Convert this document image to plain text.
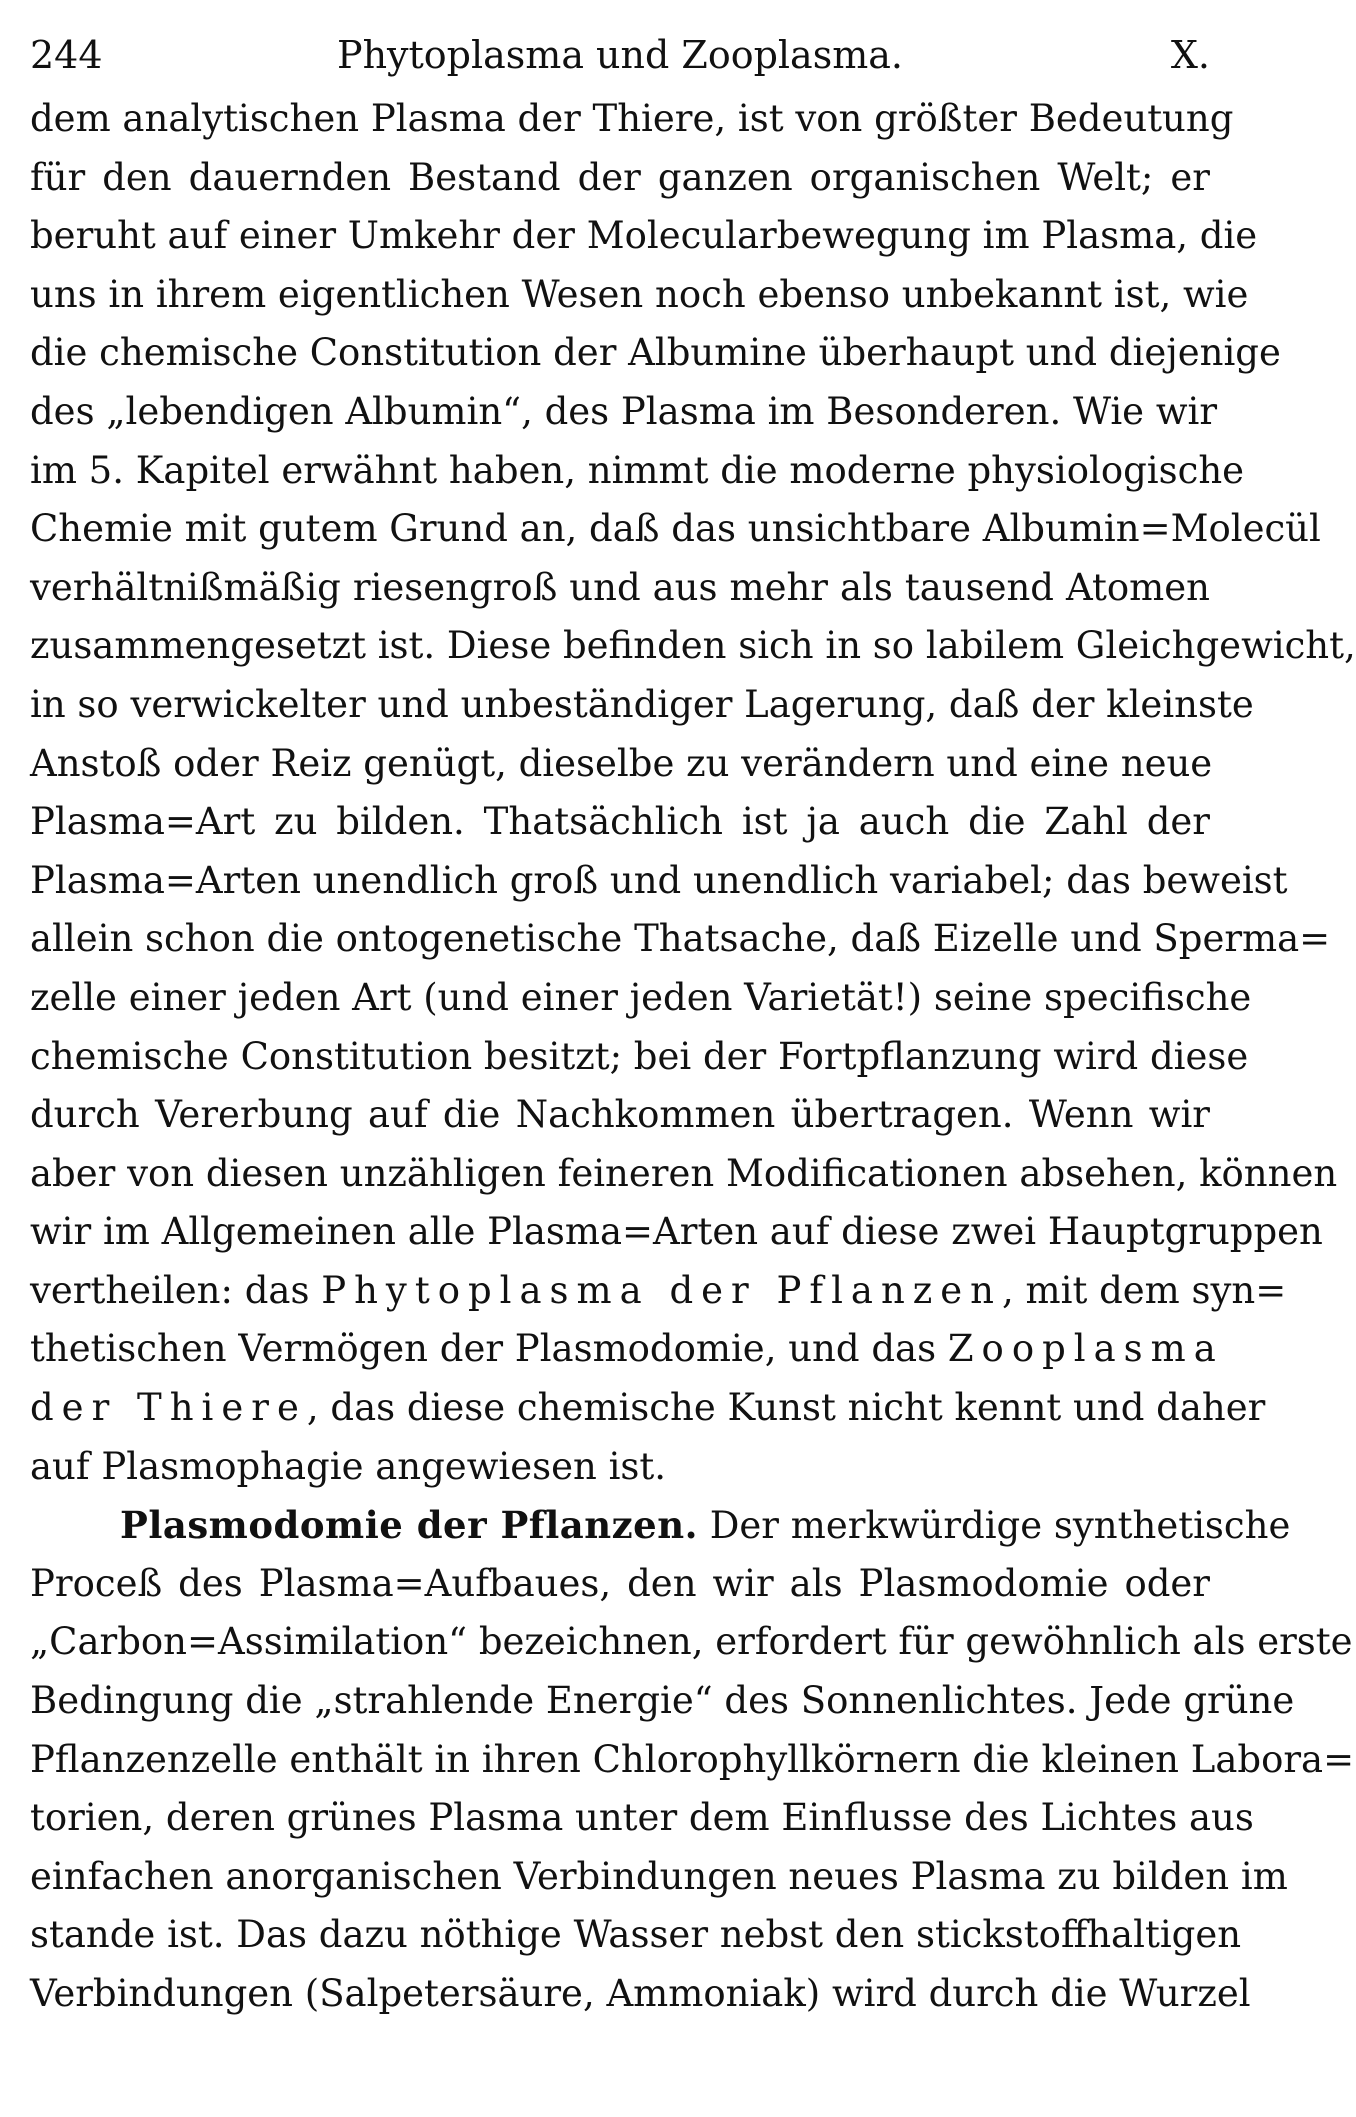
244	Phytoplasma und Zooplasma.	X.
dem analytischen Plasma der Thiere, ist von größter Bedeutung
für den dauernden Bestand der ganzen organischen Welt; er
beruht auf einer Umkehr der Molecularbewegung im Plasma, die
uns in ihrem eigentlichen Wesen noch ebenso unbekannt ist, wie
die chemische Constitution der Albumine überhaupt und diejenige
des „lebendigen Albumin“, des Plasma im Besonderen. Wie wir
im 5. Kapitel erwähnt haben, nimmt die moderne physiologische
Chemie mit gutem Grund an, daß das unsichtbare Albumin=Molecül
verhältnißmäßig riesengroß und aus mehr als tausend Atomen
zusammengesetzt ist. Diese befinden sich in so labilem Gleichgewicht,
in so verwickelter und unbeständiger Lagerung, daß der kleinste
Anstoß oder Reiz genügt, dieselbe zu verändern und eine neue
Plasma=Art zu bilden. Thatsächlich ist ja auch die Zahl der
Plasma=Arten unendlich groß und unendlich variabel; das beweist
allein schon die ontogenetische Thatsache, daß Eizelle und Sperma=
zelle einer jeden Art (und einer jeden Varietät!) seine specifische
chemische Constitution besitzt; bei der Fortpflanzung wird diese
durch Vererbung auf die Nachkommen übertragen. Wenn wir
aber von diesen unzähligen feineren Modificationen absehen, können
wir im Allgemeinen alle Plasma=Arten auf diese zwei Hauptgruppen
vertheilen: das Phytoplasma der Pflanzen, mit dem syn=
thetischen Vermögen der Plasmodomie, und das Zooplasma
der Thiere, das diese chemische Kunst nicht kennt und daher
auf Plasmophagie angewiesen ist.
Plasmodomie der Pflanzen. Der merkwürdige synthetische
Proceß des Plasma=Aufbaues, den wir als Plasmodomie oder
„Carbon=Assimilation“ bezeichnen, erfordert für gewöhnlich als erste
Bedingung die „strahlende Energie“ des Sonnenlichtes. Jede grüne
Pflanzenzelle enthält in ihren Chlorophyllkörnern die kleinen Labora=
torien, deren grünes Plasma unter dem Einflusse des Lichtes aus
einfachen anorganischen Verbindungen neues Plasma zu bilden im
stande ist. Das dazu nöthige Wasser nebst den stickstoffhaltigen
Verbindungen (Salpetersäure, Ammoniak) wird durch die Wurzel
